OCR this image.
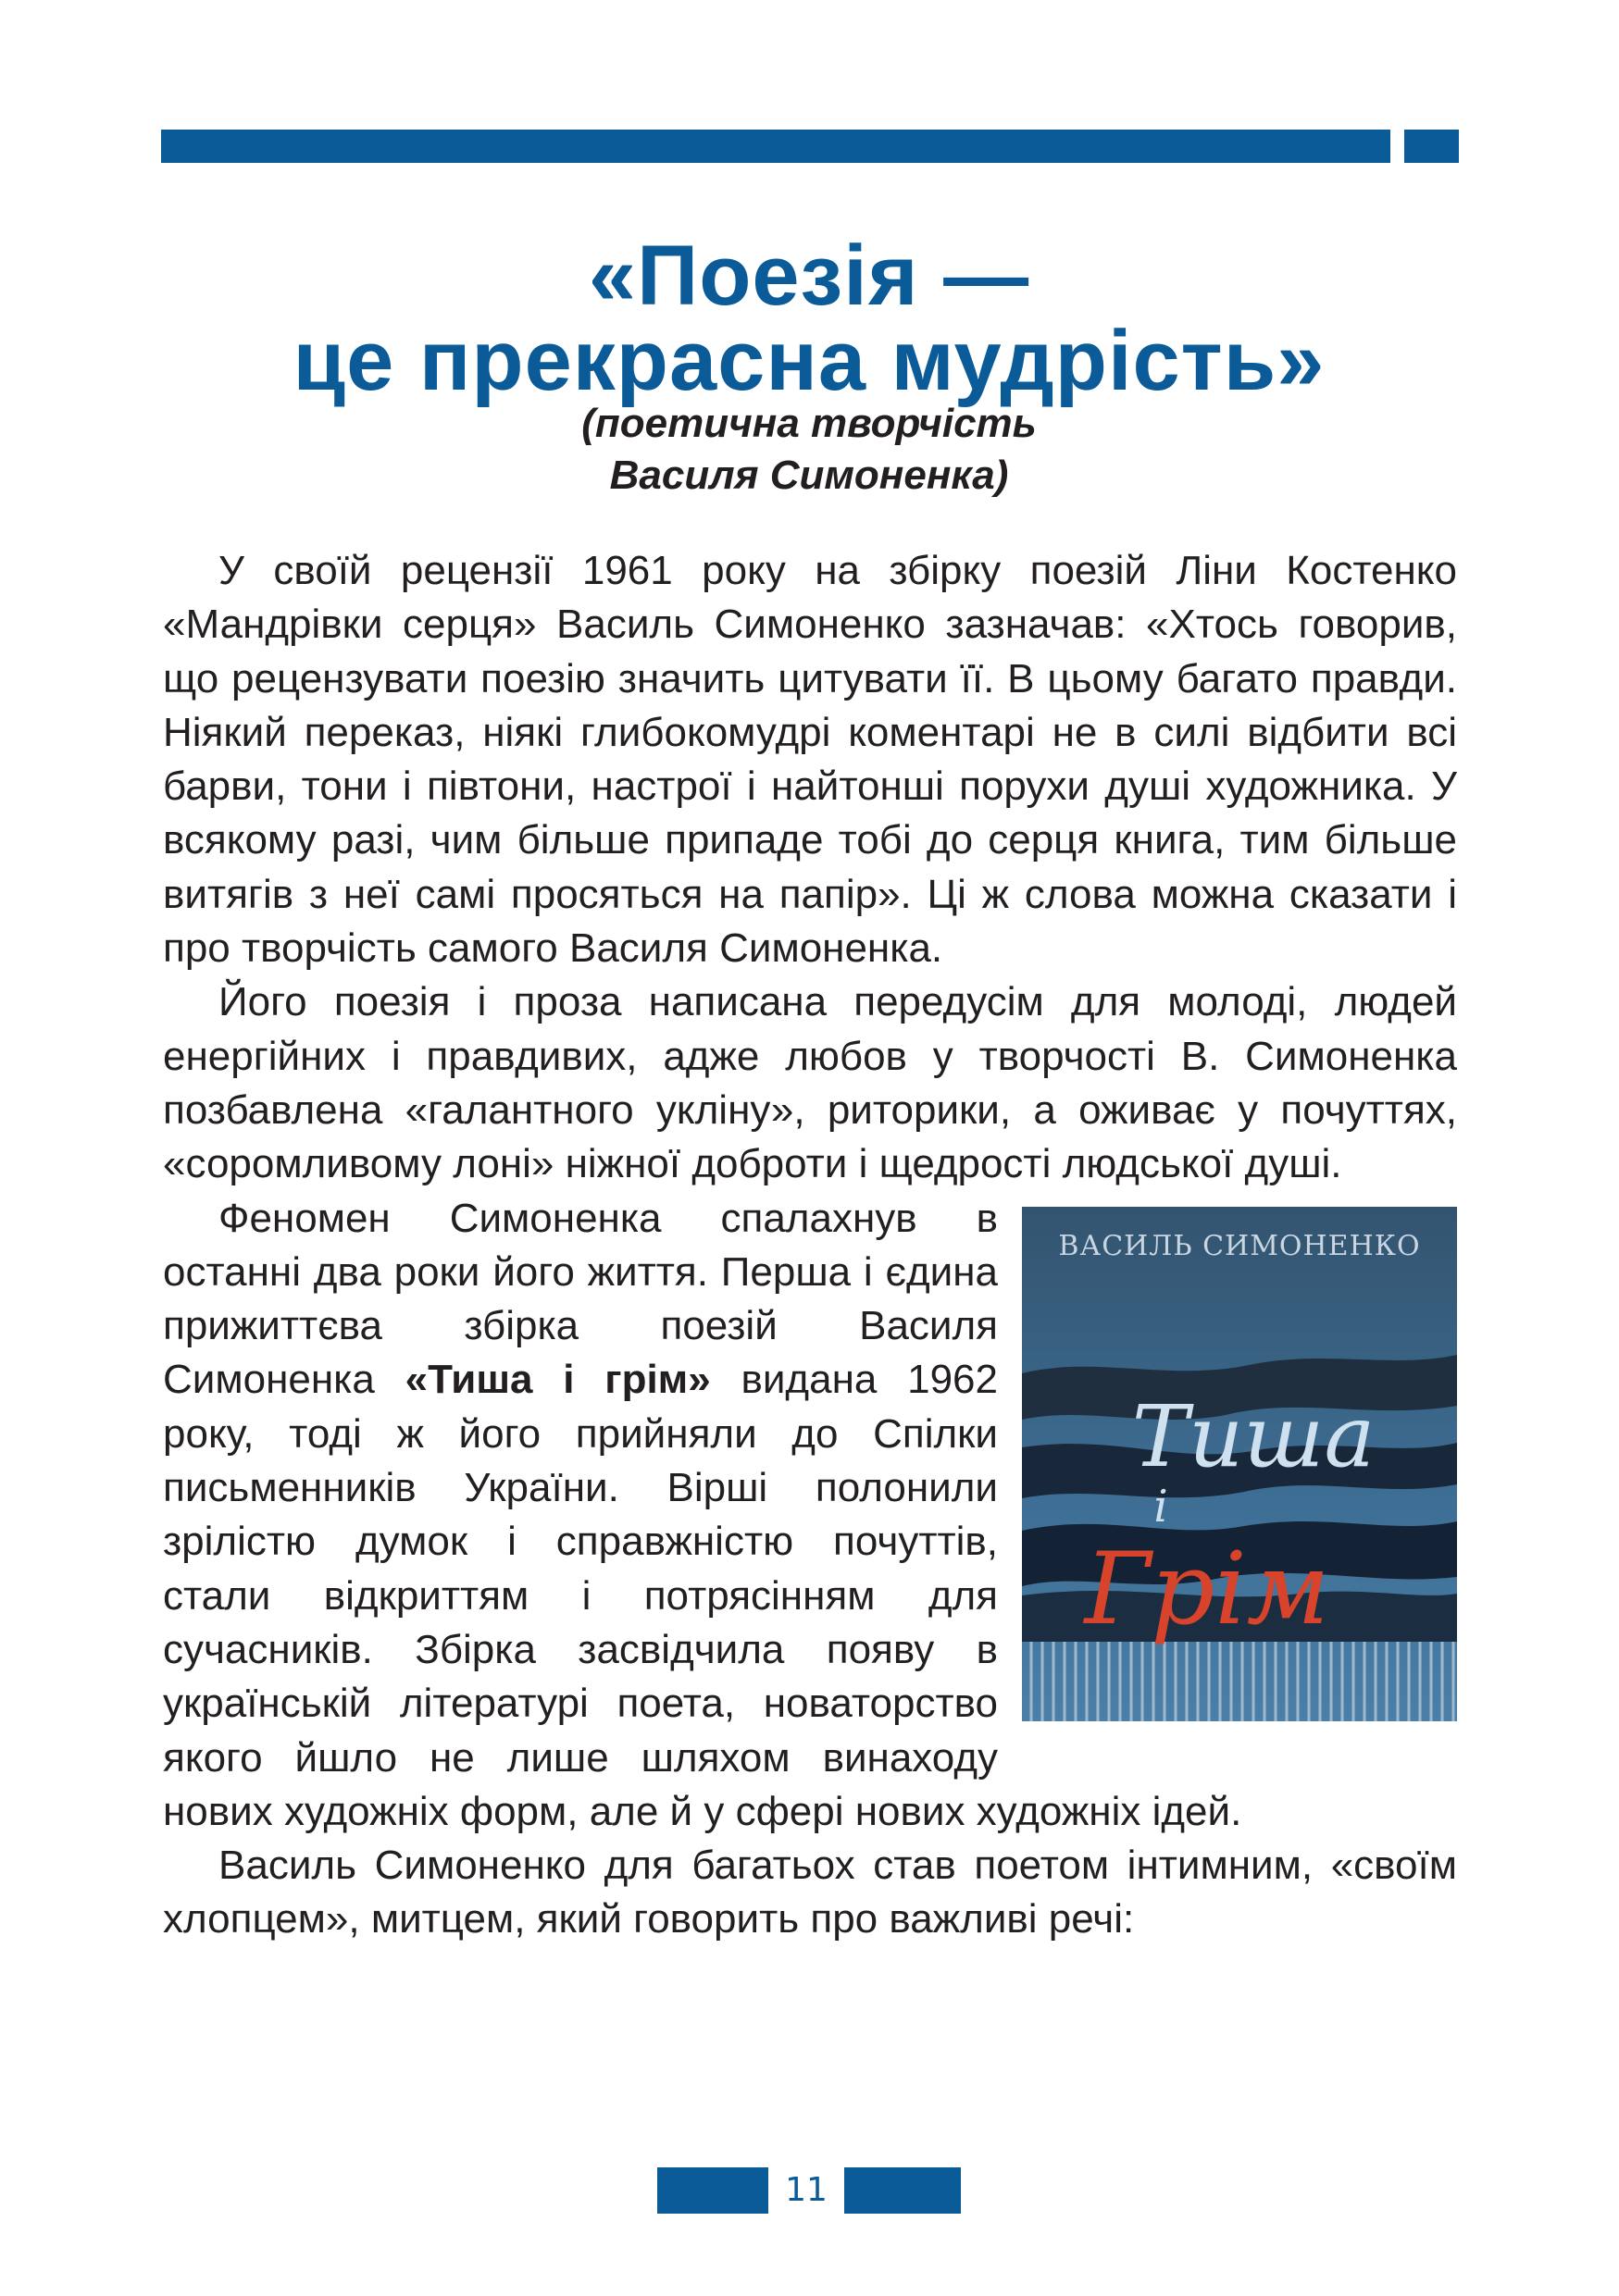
«Поезія —
це прекрасна мудрість»
(поетична творчість
Василя Симоненка)

У своїй рецензії 1961 року на збірку поезій Ліни Костенко «Мандрівки серця» Василь Симоненко зазначав: «Хтось говорив, що рецензувати поезію значить цитувати її. В цьому багато правди. Ніякий переказ, ніякі глибокомудрі коментарі не в силі відбити всі барви, тони і півтони, настрої і найтонші порухи душі художника. У всякому разі, чим більше припаде тобі до серця книга, тим більше витягів з неї самі просяться на папір». Ці ж слова можна сказати і про творчість самого Василя Симоненка.

Його поезія і проза написана передусім для молоді, людей енергійних і правдивих, адже любов у творчості В. Симоненка позбавлена «галантного уклiну», риторики, а оживає у почуттях, «соромливому лоні» ніжної доброти і щедрості людської душі.

ВАСИЛЬ СИМОНЕНКО
Тиша
і
Грім
Феномен Симоненка спалахнув в останні два роки його життя. Перша і єдина прижиттєва збірка поезій Василя Симоненка «Тиша і грім» видана 1962 року, тоді ж його прийняли до Спілки письменників України. Вірші полонили зрілістю думок і справжністю почуттів, стали відкриттям і потрясінням для сучасників. Збірка засвідчила появу в українській літературі поета, новаторство якого йшло не лише шляхом винаходу нових художніх форм, але й у сфері нових художніх ідей.

Василь Симоненко для багатьох став поетом інтимним, «своїм хлопцем», митцем, який говорить про важливі речі:

11
